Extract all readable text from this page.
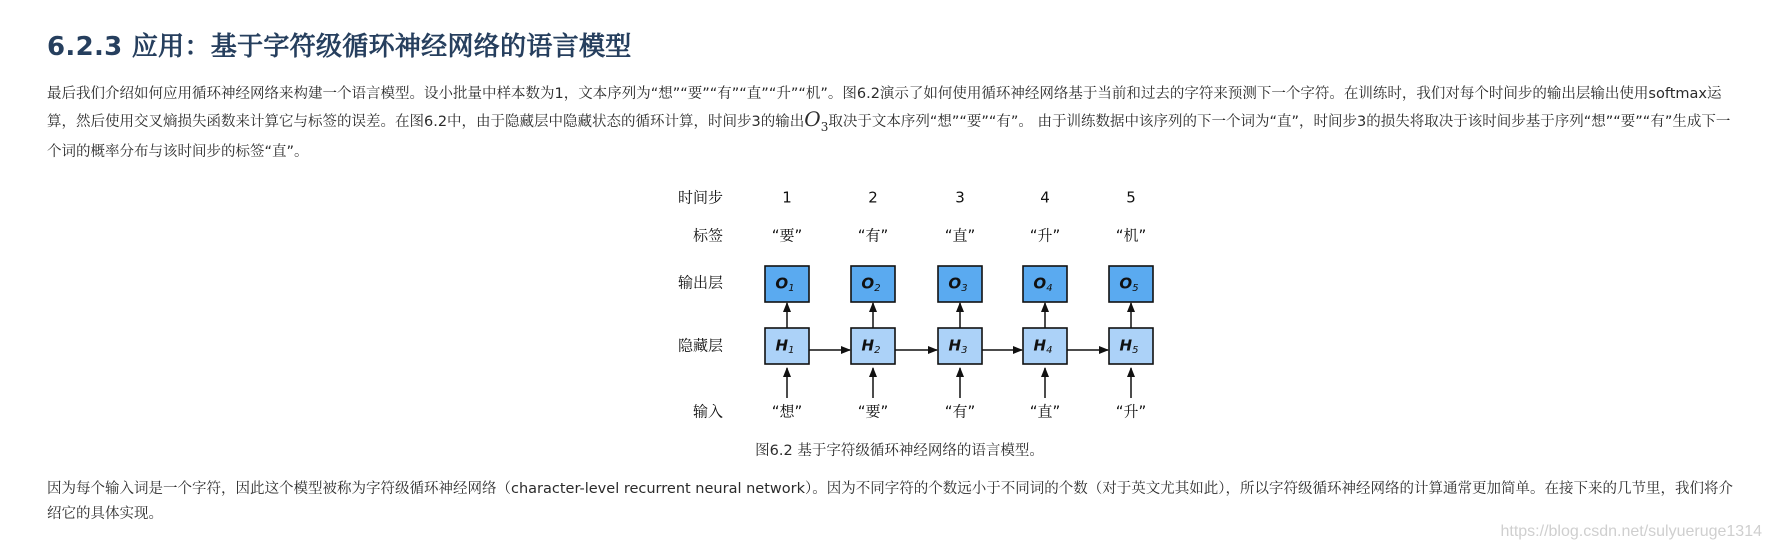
6.2.3 应用：基于字符级循环神经网络的语言模型

最后我们介绍如何应用循环神经网络来构建一个语言模型。设小批量中样本数为1，文本序列为“想”“要”“有”“直”“升”“机”。图6.2演示了如何使用循环神经网络基于当前和过去的字符来预测下一个字符。在训练时，我们对每个时间步的输出层输出使用softmax运
算，然后使用交叉熵损失函数来计算它与标签的误差。在图6.2中，由于隐藏层中隐藏状态的循环计算，时间步3的输出$O_3$取决于文本序列“想”“要”“有”。 由于训练数据中该序列的下一个词为“直”，时间步3的损失将取决于该时间步基于序列“想”“要”“有”生成下一
个词的概率分布与该时间步的标签“直”。

时间步
标签
输出层
隐藏层
输入
1
“要”
$O_1$
$H_1$
“想”
2
“有”
$O_2$
$H_2$
“要”
3
“直”
$O_3$
$H_3$
“有”
4
“升”
$O_4$
$H_4$
“直”
5
“机”
$O_5$
$H_5$
“升”

图6.2 基于字符级循环神经网络的语言模型。

因为每个输入词是一个字符，因此这个模型被称为字符级循环神经网络（character-level recurrent neural network）。因为不同字符的个数远小于不同词的个数（对于英文尤其如此），所以字符级循环神经网络的计算通常更加简单。在接下来的几节里，我们将介
绍它的具体实现。

https://blog.csdn.net/sulyueruge1314
